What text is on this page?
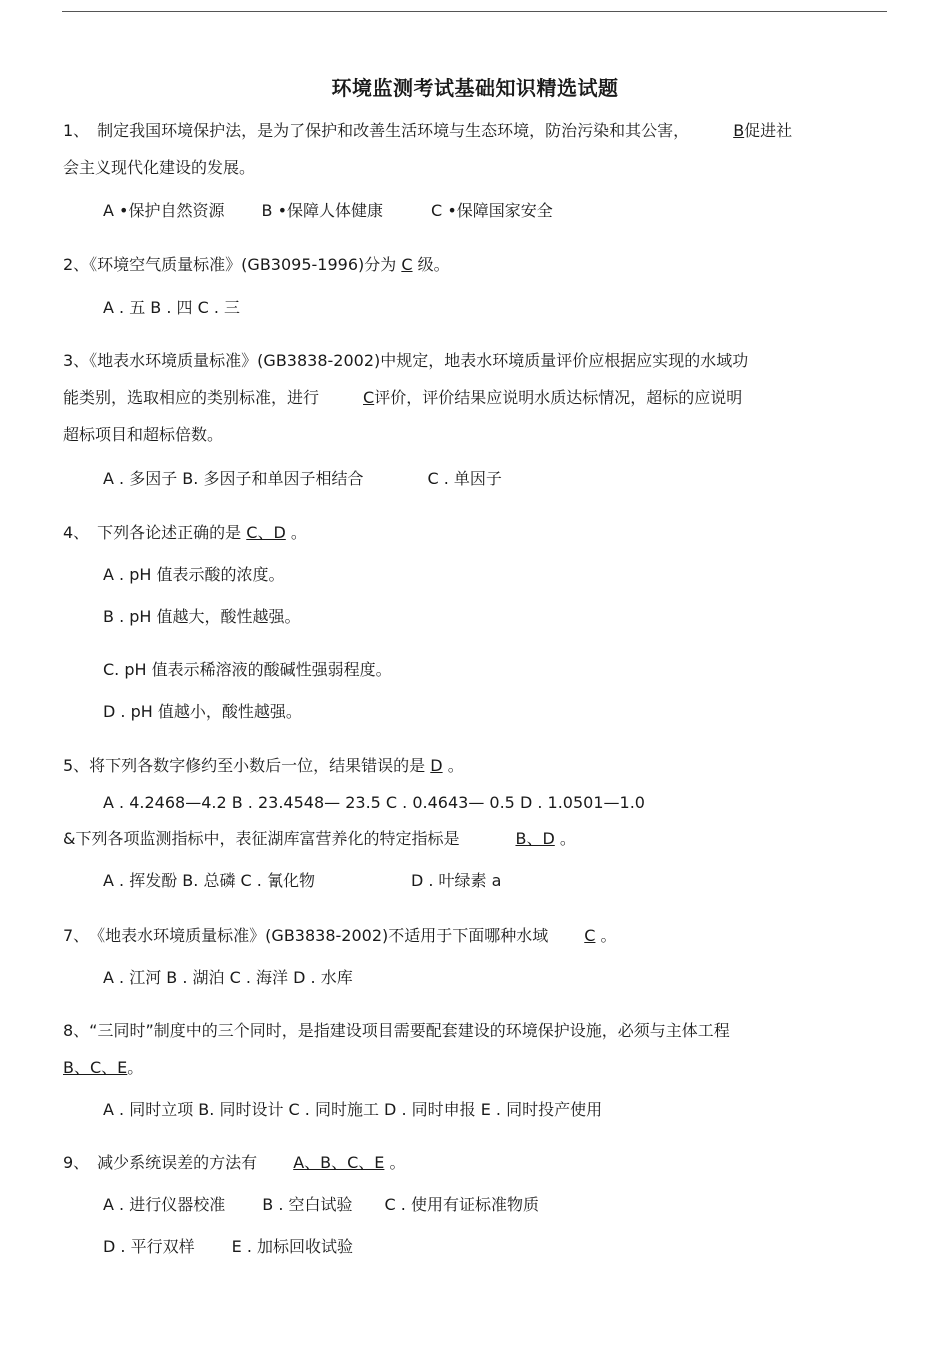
环境监测考试基础知识精选试题
1、　制定我国环境保护法，是为了保护和改善生活环境与生态环境，防治污染和其公害，	B促进社
会主义现代化建设的发展。
A •保护自然资源　　 B •保障人体健康　　　C •保障国家安全
2、《环境空气质量标准》(GB3095-1996)分为 C 级。
A . 五 B . 四 C . 三
3、《地表水环境质量标准》(GB3838-2002)中规定，地表水环境质量评价应根据应实现的水域功
能类别，选取相应的类别标准，进行	C评价，评价结果应说明水质达标情况，超标的应说明
超标项目和超标倍数。
A . 多因子 B. 多因子和单因子相结合　　　　C . 单因子
4、　下列各论述正确的是 C、D 。
A . pH 值表示酸的浓度。
B . pH 值越大，酸性越强。
C. pH 值表示稀溶液的酸碱性强弱程度。
D . pH 值越小，酸性越强。
5、将下列各数字修约至小数后一位，结果错误的是 D 。
A . 4.2468—4.2 B . 23.4548— 23.5 C . 0.4643— 0.5 D . 1.0501—1.0
&下列各项监测指标中，表征湖库富营养化的特定指标是	B、D 。
A . 挥发酚 B. 总磷 C . 氰化物　　　　　　D . 叶绿素 a
7、　《地表水环境质量标准》(GB3838-2002)不适用于下面哪种水域 C 。
A . 江河 B . 湖泊 C . 海洋 D . 水库
8、“三同时”制度中的三个同时，是指建设项目需要配套建设的环境保护设施，必须与主体工程
B、C、E。
A . 同时立项 B. 同时设计 C . 同时施工 D . 同时申报 E . 同时投产使用
9、　减少系统误差的方法有 A、B、C、E 。
A . 进行仪器校准　　 B . 空白试验　　C . 使用有证标准物质
D . 平行双样　　 E . 加标回收试验
